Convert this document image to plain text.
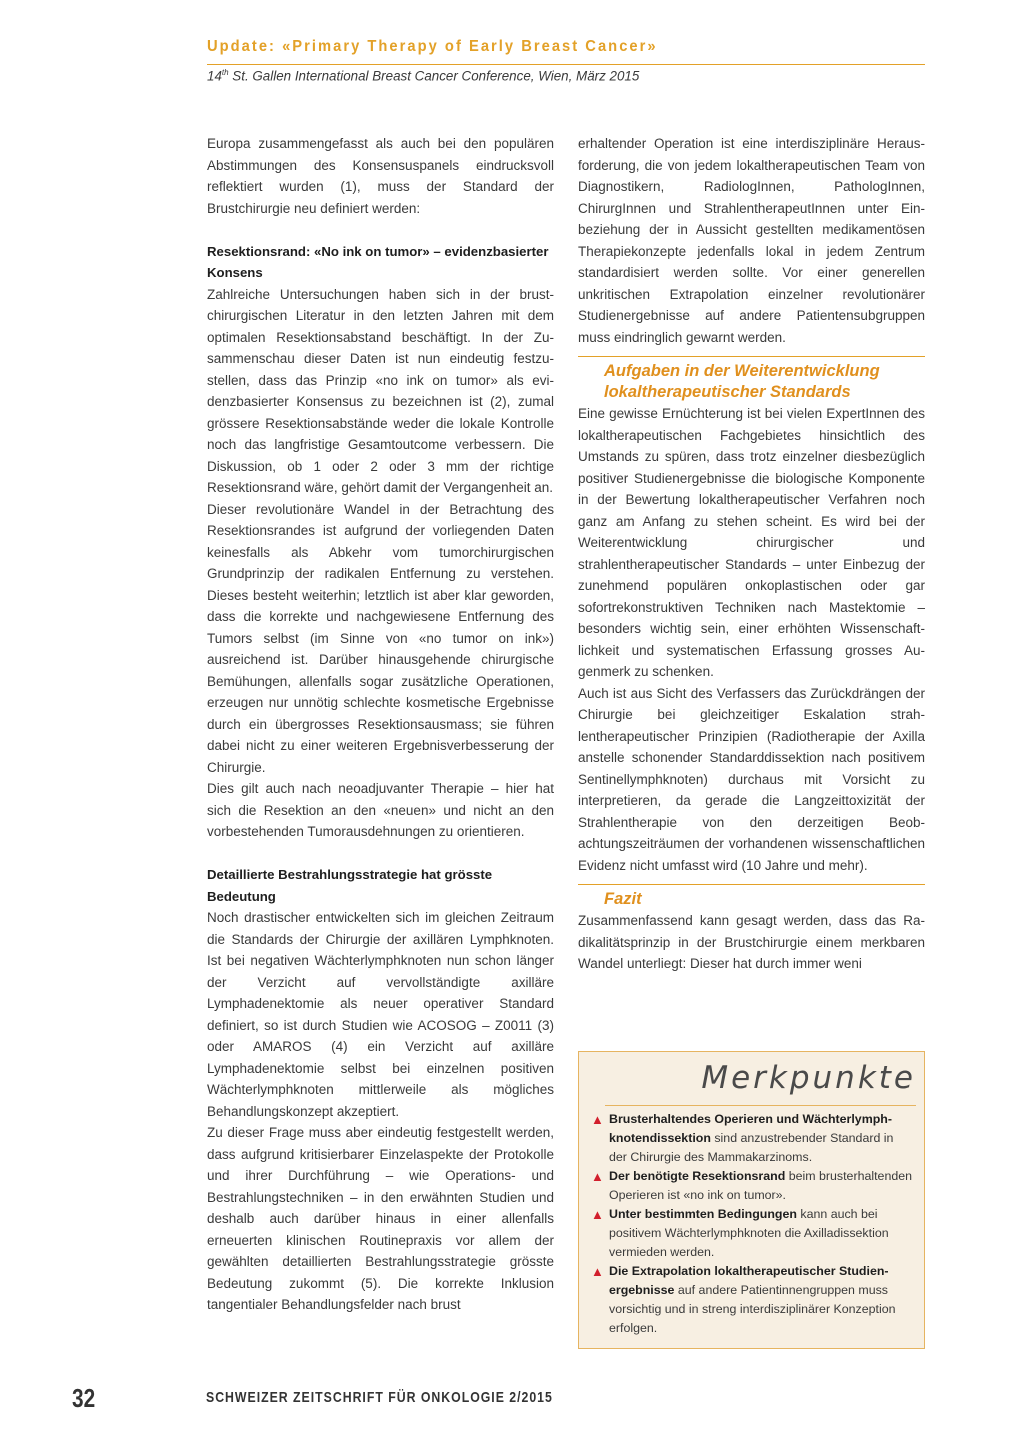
Update: «Primary Therapy of Early Breast Cancer»
14th St. Gallen International Breast Cancer Conference, Wien, März 2015

Europa zusammengefasst als auch bei den populären Abstimmungen des Konsensuspanels eindrucksvoll reflektiert wurden (1), muss der Standard der Brustchirurgie neu definiert werden:

Resektionsrand: «No ink on tumor» – evidenzbasierter Konsens

Zahlreiche Untersuchungen haben sich in der brustchirurgischen Literatur in den letzten Jahren mit dem optimalen Resektionsabstand beschäftigt. In der Zusammenschau dieser Daten ist nun eindeutig festzustellen, dass das Prinzip «no ink on tumor» als evidenzbasierter Konsensus zu bezeichnen ist (2), zumal grössere Resektionsabstände weder die lokale Kontrolle noch das langfristige Gesamtoutcome verbessern. Die Diskussion, ob 1 oder 2 oder 3 mm der richtige Resektionsrand wäre, gehört damit der Vergangenheit an.

Dieser revolutionäre Wandel in der Betrachtung des Resektionsrandes ist aufgrund der vorliegenden Daten keinesfalls als Abkehr vom tumorchirurgischen Grundprinzip der radikalen Entfernung zu verstehen. Dieses besteht weiterhin; letztlich ist aber klar geworden, dass die korrekte und nachgewiesene Entfernung des Tumors selbst (im Sinne von «no tumor on ink») ausreichend ist. Darüber hinausgehende chirurgische Bemühungen, allenfalls sogar zusätzliche Operationen, erzeugen nur unnötig schlechte kosmetische Ergebnisse durch ein übergrosses Resektionsausmass; sie führen dabei nicht zu einer weiteren Ergebnisverbesserung der Chirurgie.

Dies gilt auch nach neoadjuvanter Therapie – hier hat sich die Resektion an den «neuen» und nicht an den vorbestehenden Tumorausdehnungen zu orientieren.

Detaillierte Bestrahlungsstrategie hat grösste Bedeutung

Noch drastischer entwickelten sich im gleichen Zeitraum die Standards der Chirurgie der axillären Lymphknoten. Ist bei negativen Wächterlymphknoten nun schon länger der Verzicht auf vervollständigte axilläre Lymphadenektomie als neuer operativer Standard definiert, so ist durch Studien wie ACOSOG – Z0011 (3) oder AMAROS (4) ein Verzicht auf axilläre Lymphadenektomie selbst bei einzelnen positiven Wächterlymphknoten mittlerweile als mögliches Behandlungskonzept akzeptiert.

Zu dieser Frage muss aber eindeutig festgestellt werden, dass aufgrund kritisierbarer Einzelaspekte der Protokolle und ihrer Durchführung – wie Operations- und Bestrahlungstechniken – in den erwähnten Studien und deshalb auch darüber hinaus in einer allenfalls erneuerten klinischen Routinepraxis vor allem der gewählten detaillierten Bestrahlungsstrategie grösste Bedeutung zukommt (5). Die korrekte Inklusion tangentialer Behandlungsfelder nach brust

erhaltender Operation ist eine interdisziplinäre Herausforderung, die von jedem lokaltherapeutischen Team von Diagnostikern, RadiologInnen, PathologInnen, ChirurgInnen und StrahlentherapeutInnen unter Einbeziehung der in Aussicht gestellten medikamentösen Therapiekonzepte jedenfalls lokal in jedem Zentrum standardisiert werden sollte. Vor einer generellen unkritischen Extrapolation einzelner revolutionärer Studienergebnisse auf andere Patientensubgruppen muss eindringlich gewarnt werden.

Aufgaben in der Weiterentwicklung lokaltherapeutischer Standards

Eine gewisse Ernüchterung ist bei vielen ExpertInnen des lokaltherapeutischen Fachgebietes hinsichtlich des Umstands zu spüren, dass trotz einzelner diesbezüglich positiver Studienergebnisse die biologische Komponente in der Bewertung lokaltherapeutischer Verfahren noch ganz am Anfang zu stehen scheint. Es wird bei der Weiterentwicklung chirurgischer und strahlentherapeutischer Standards – unter Einbezug der zunehmend populären onkoplastischen oder gar sofortrekonstruktiven Techniken nach Mastektomie – besonders wichtig sein, einer erhöhten Wissenschaftlichkeit und systematischen Erfassung grosses Augenmerk zu schenken.

Auch ist aus Sicht des Verfassers das Zurückdrängen der Chirurgie bei gleichzeitiger Eskalation strahlentherapeutischer Prinzipien (Radiotherapie der Axilla anstelle schonender Standarddissektion nach positivem Sentinellymphknoten) durchaus mit Vorsicht zu interpretieren, da gerade die Langzeittoxizität der Strahlentherapie von den derzeitigen Beobachtungszeiträumen der vorhandenen wissenschaftlichen Evidenz nicht umfasst wird (10 Jahre und mehr).

Fazit

Zusammenfassend kann gesagt werden, dass das Radikalitätsprinzip in der Brustchirurgie einem merkbaren Wandel unterliegt: Dieser hat durch immer weni

Merkpunkte
▲ Brusterhaltendes Operieren und Wächterlymphknotendissektion sind anzustrebender Standard in der Chirurgie des Mammakarzinoms.
▲ Der benötigte Resektionsrand beim brusterhaltenden Operieren ist «no ink on tumor».
▲ Unter bestimmten Bedingungen kann auch bei positivem Wächterlymphknoten die Axilladissektion vermieden werden.
▲ Die Extrapolation lokaltherapeutischer Studienergebnisse auf andere Patientinnengruppen muss vorsichtig und in streng interdisziplinärer Konzeption erfolgen.
32	SCHWEIZER ZEITSCHRIFT FÜR ONKOLOGIE 2/2015
